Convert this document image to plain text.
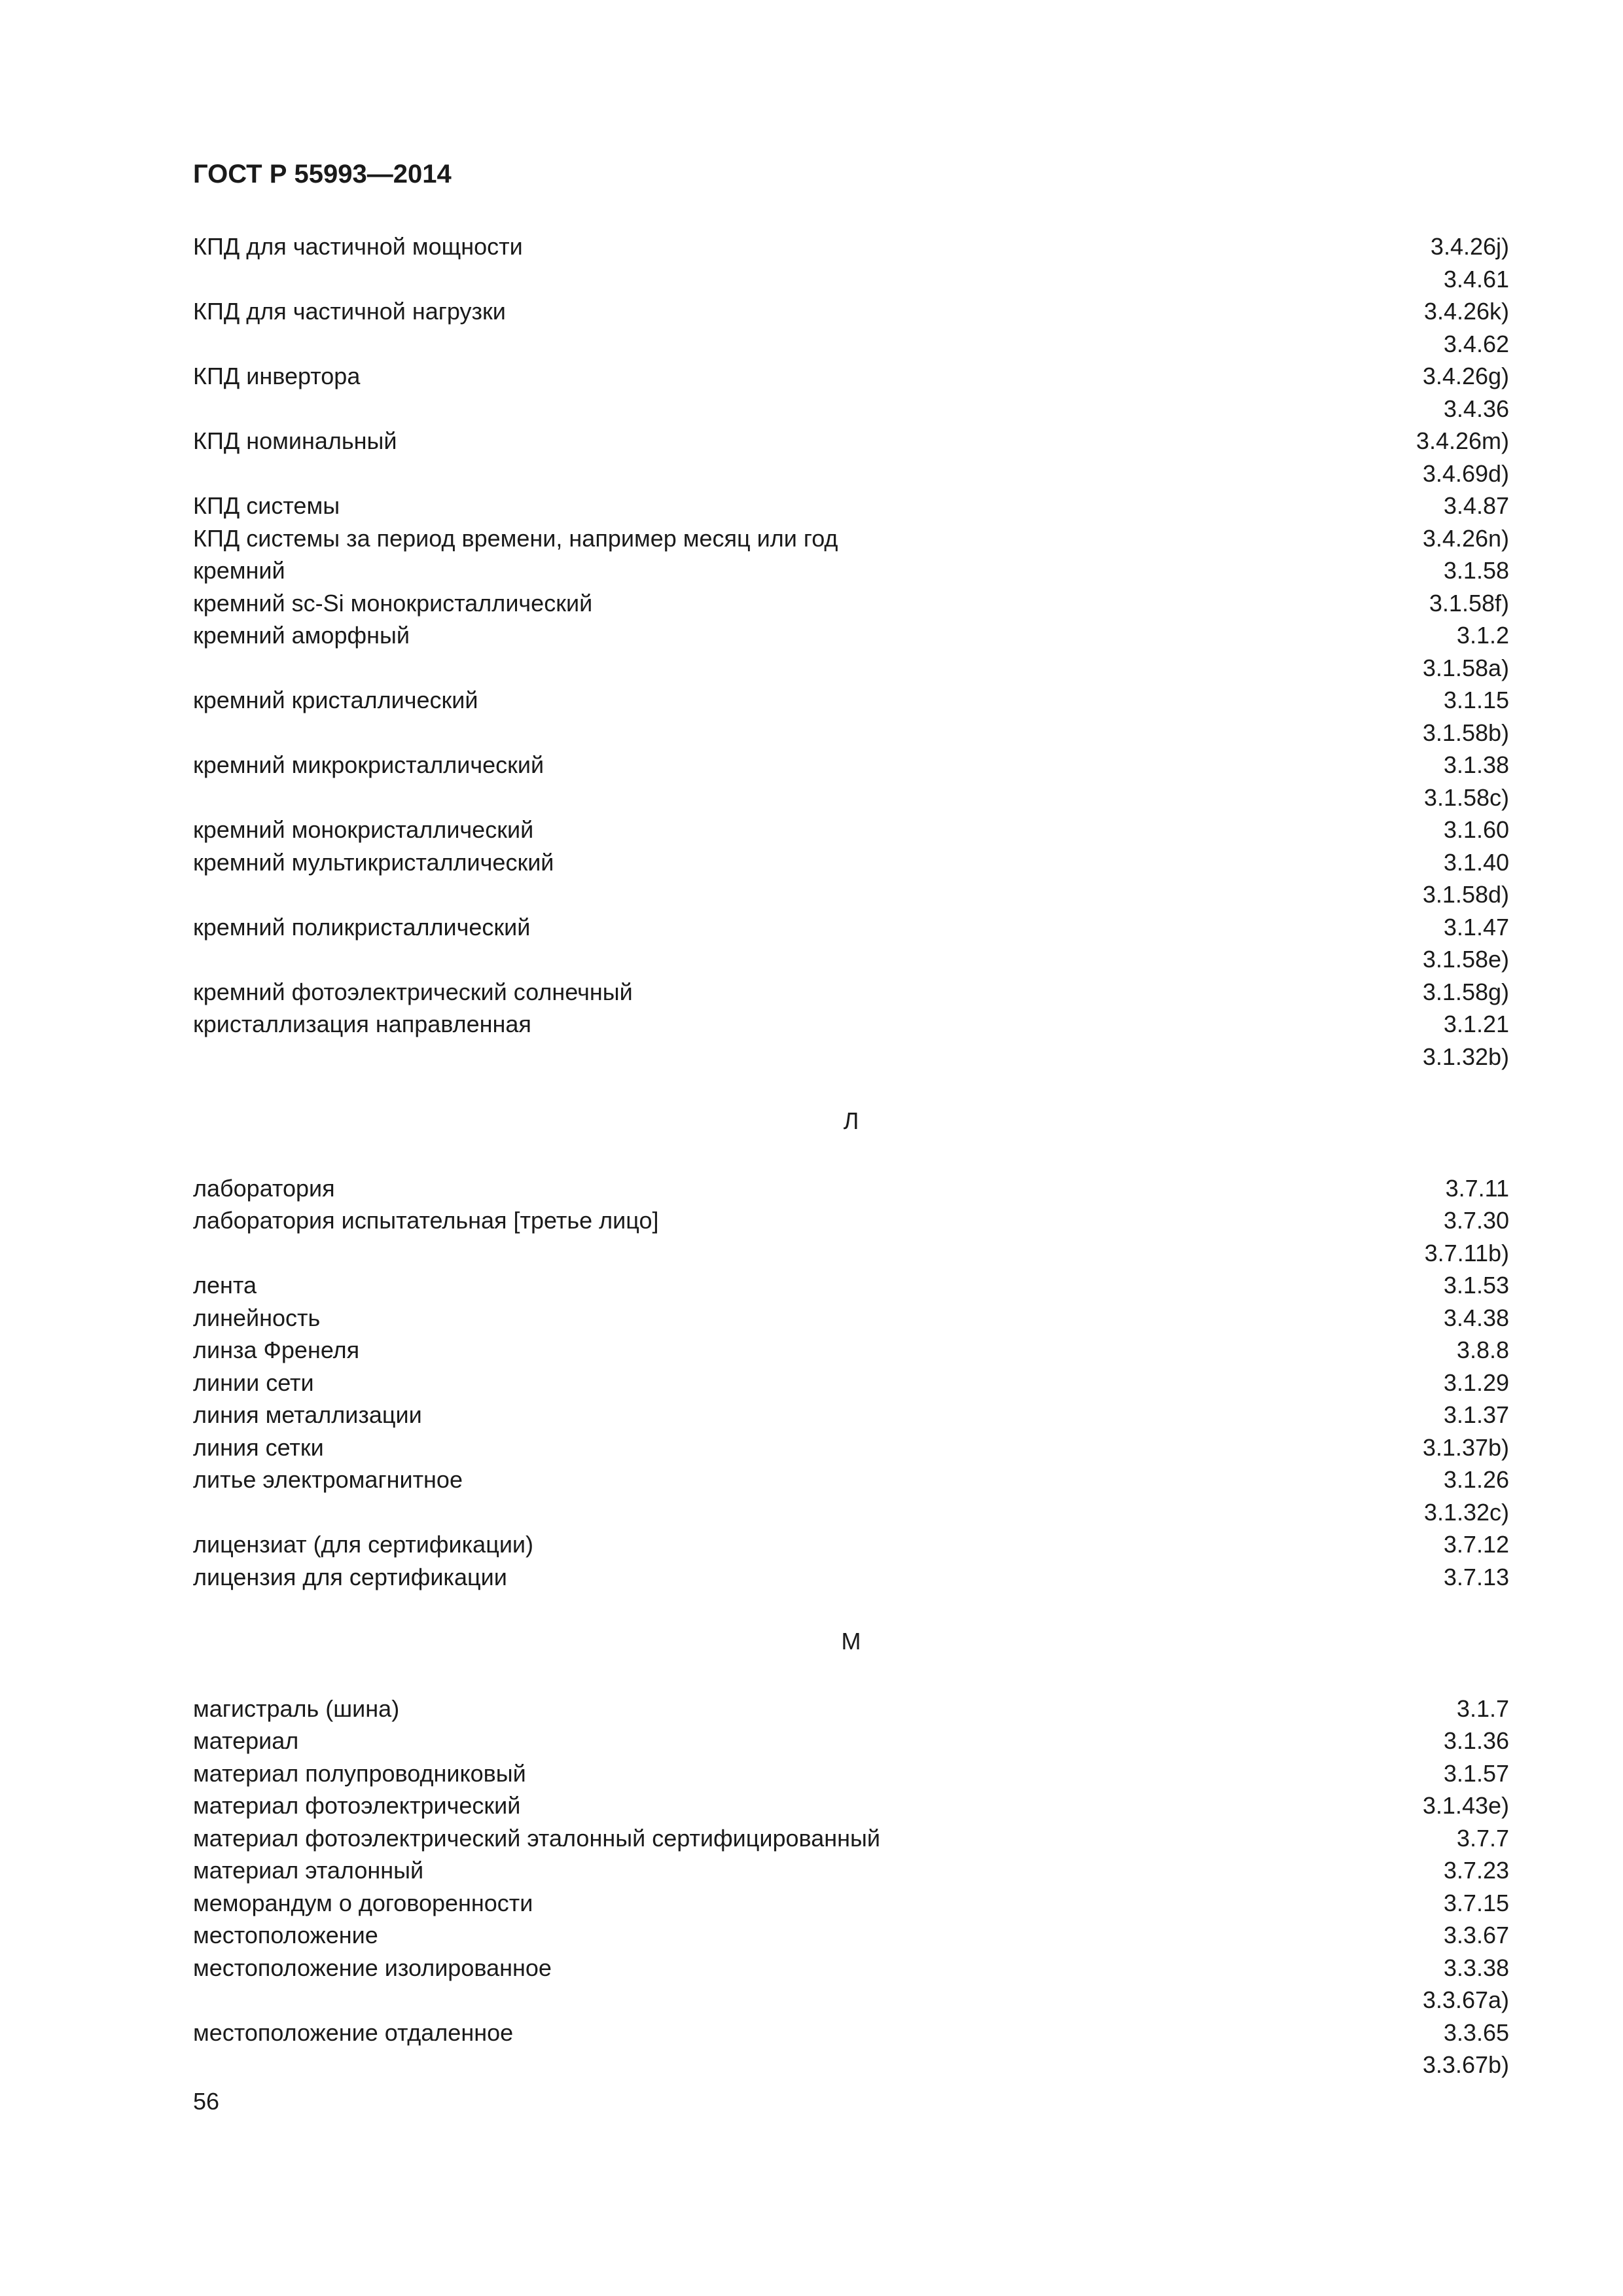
ГОСТ Р 55993—2014
КПД для частичной мощности	3.4.26j)
3.4.61
КПД для частичной нагрузки	3.4.26k)
3.4.62
КПД инвертора	3.4.26g)
3.4.36
КПД номинальный	3.4.26m)
3.4.69d)
КПД системы	3.4.87
КПД системы за период времени, например месяц или год	3.4.26n)
кремний	3.1.58
кремний sc-Si монокристаллический	3.1.58f)
кремний аморфный	3.1.2
3.1.58a)
кремний кристаллический	3.1.15
3.1.58b)
кремний микрокристаллический	3.1.38
3.1.58c)
кремний монокристаллический	3.1.60
кремний мультикристаллический	3.1.40
3.1.58d)
кремний поликристаллический	3.1.47
3.1.58e)
кремний фотоэлектрический солнечный	3.1.58g)
кристаллизация направленная	3.1.21
3.1.32b)
Л
лаборатория	3.7.11
лаборатория испытательная [третье лицо]	3.7.30
3.7.11b)
лента	3.1.53
линейность	3.4.38
линза Френеля	3.8.8
линии сети	3.1.29
линия металлизации	3.1.37
линия сетки	3.1.37b)
литье электромагнитное	3.1.26
3.1.32c)
лицензиат (для сертификации)	3.7.12
лицензия для сертификации	3.7.13
М
магистраль (шина)	3.1.7
материал	3.1.36
материал полупроводниковый	3.1.57
материал фотоэлектрический	3.1.43e)
материал фотоэлектрический эталонный сертифицированный	3.7.7
материал эталонный	3.7.23
меморандум о договоренности	3.7.15
местоположение	3.3.67
местоположение изолированное	3.3.38
3.3.67a)
местоположение отдаленное	3.3.65
3.3.67b)
56
